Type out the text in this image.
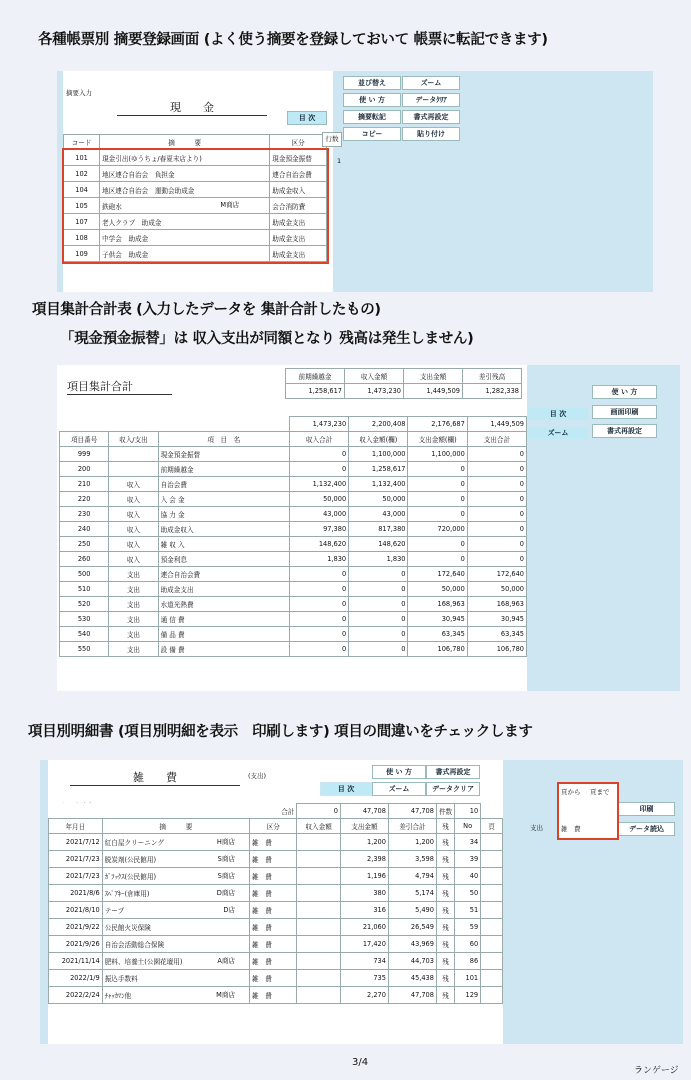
各種帳票別 摘要登録画面 (よく使う摘要を登録しておいて 帳票に転記できます)
摘要入力
現　　金
目 次
並び替え	ズーム
使 い 方	データｸﾘｱ
摘要転記	書式再設定
コピー	貼り付け
コード	摘　　　要	区分
101	現金引出(ゆうちょ/春夏末店より)	現金預金振替
102	地区連合自治会　負担金	連合自治会費
104	地区連合自治会　運動会助成金	助成金収入
105	鉄砲水 M商店	会合消防費
107	老人クラブ　助成金	助成金支出
108	中学会　助成金	助成金支出
109	子供会　助成金	助成金支出
行数
1
項目集計合計表 (入力したデータを 集計合計したもの)
「現金預金振替」は 収入支出が同額となり 残高は発生しません)
項目集計合計
前期繰越金	収入金額	支出金額	差引残高
1,258,617	1,473,230	1,449,509	1,282,338	使 い 方
目 次	画面印刷
ズーム	書式再設定
			1,473,230	2,200,408	2,176,687	1,449,509
項目番号	収入/支出	項　目　名	収入合計	収入金額(欄)	支出金額(欄)	支出合計
999		現金預金振替	0	1,100,000	1,100,000	0
200		前期繰越金	0	1,258,617	0	0
210	収入	自治会費	1,132,400	1,132,400	0	0
220	収入	入 会 金	50,000	50,000	0	0
230	収入	協 力 金	43,000	43,000	0	0
240	収入	助成金収入	97,380	817,380	720,000	0
250	収入	雑 収 入	148,620	148,620	0	0
260	収入	預金利息	1,830	1,830	0	0
500	支出	連合自治会費	0	0	172,640	172,640
510	支出	助成金支出	0	0	50,000	50,000
520	支出	水道光熱費	0	0	168,963	168,963
530	支出	通 信 費	0	0	30,945	30,945
540	支出	備 品 費	0	0	63,345	63,345
550	支出	設 備 費	0	0	106,780	106,780
項目別明細書 (項目別明細を表示　印刷します) 項目の間違いをチェックします
雑　　費	(支出)	使 い 方	書式再設定
目 次	ズーム	データクリア
印刷
データ読込
頁から 頁まで
雑　費
支出
合計			0	47,708	47,708	件数	10	
年月日	摘　　　要	区分	収入金額	支出金額	差引合計	残	No	頁
2021/7/12	紅白屋クリーニング H商店	雑　費		1,200	1,200	残	34	
2021/7/23	脱炭剤(公民館用) S商店	雑　費		2,398	3,598	残	39	
2021/7/23	ｶﾞﾌｯｸｽ(公民館用) S商店	雑　費		1,196	4,794	残	40	
2021/8/6	ｽﾍﾟｱｷｰ(倉庫用) D商店	雑　費		380	5,174	残	50	
2021/8/10	テープ D店	雑　費		316	5,490	残	51	
2021/9/22	公民館火災保険	雑　費		21,060	26,549	残	59	
2021/9/26	自治会活動総合保険	雑　費		17,420	43,969	残	60	
2021/11/14	肥料、培養土(公園花壇用) A商店	雑　費		734	44,703	残	86	
2022/1/9	振込手数料	雑　費		735	45,438	残	101	
2022/2/24	ﾁｬｯｶﾏﾝ他 M商店	雑　費		2,270	47,708	残	129	
3/4
ランゲージ
